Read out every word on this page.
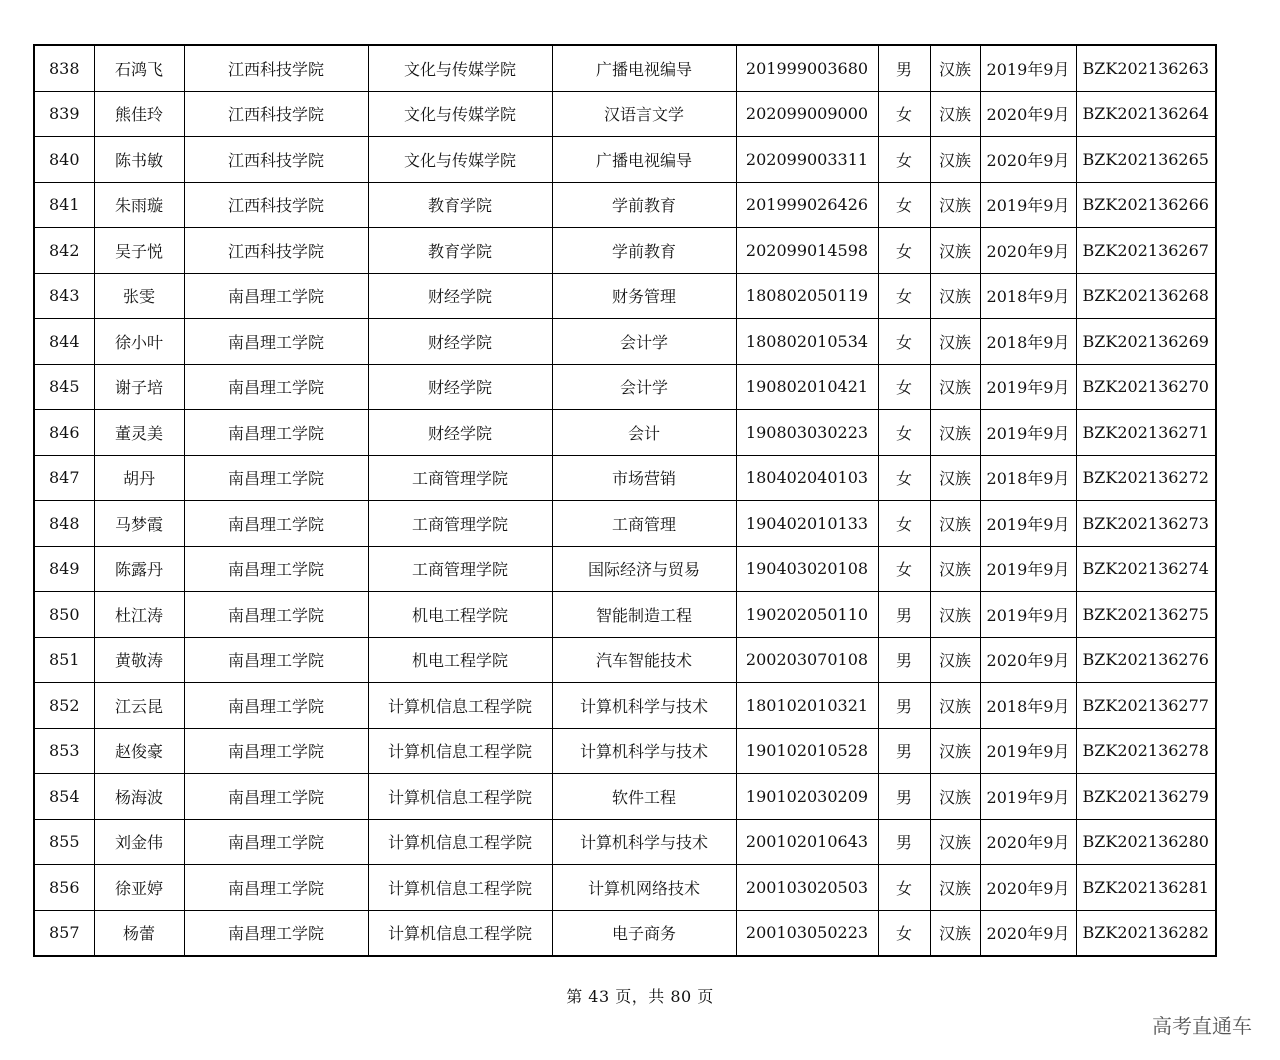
838	石鸿飞	江西科技学院	文化与传媒学院	广播电视编导	201999003680	男	汉族	2019年9月	BZK202136263
839	熊佳玲	江西科技学院	文化与传媒学院	汉语言文学	202099009000	女	汉族	2020年9月	BZK202136264
840	陈书敏	江西科技学院	文化与传媒学院	广播电视编导	202099003311	女	汉族	2020年9月	BZK202136265
841	朱雨璇	江西科技学院	教育学院	学前教育	201999026426	女	汉族	2019年9月	BZK202136266
842	吴子悦	江西科技学院	教育学院	学前教育	202099014598	女	汉族	2020年9月	BZK202136267
843	张雯	南昌理工学院	财经学院	财务管理	180802050119	女	汉族	2018年9月	BZK202136268
844	徐小叶	南昌理工学院	财经学院	会计学	180802010534	女	汉族	2018年9月	BZK202136269
845	谢子培	南昌理工学院	财经学院	会计学	190802010421	女	汉族	2019年9月	BZK202136270
846	董灵美	南昌理工学院	财经学院	会计	190803030223	女	汉族	2019年9月	BZK202136271
847	胡丹	南昌理工学院	工商管理学院	市场营销	180402040103	女	汉族	2018年9月	BZK202136272
848	马梦霞	南昌理工学院	工商管理学院	工商管理	190402010133	女	汉族	2019年9月	BZK202136273
849	陈露丹	南昌理工学院	工商管理学院	国际经济与贸易	190403020108	女	汉族	2019年9月	BZK202136274
850	杜江涛	南昌理工学院	机电工程学院	智能制造工程	190202050110	男	汉族	2019年9月	BZK202136275
851	黄敬涛	南昌理工学院	机电工程学院	汽车智能技术	200203070108	男	汉族	2020年9月	BZK202136276
852	江云昆	南昌理工学院	计算机信息工程学院	计算机科学与技术	180102010321	男	汉族	2018年9月	BZK202136277
853	赵俊豪	南昌理工学院	计算机信息工程学院	计算机科学与技术	190102010528	男	汉族	2019年9月	BZK202136278
854	杨海波	南昌理工学院	计算机信息工程学院	软件工程	190102030209	男	汉族	2019年9月	BZK202136279
855	刘金伟	南昌理工学院	计算机信息工程学院	计算机科学与技术	200102010643	男	汉族	2020年9月	BZK202136280
856	徐亚婷	南昌理工学院	计算机信息工程学院	计算机网络技术	200103020503	女	汉族	2020年9月	BZK202136281
857	杨蕾	南昌理工学院	计算机信息工程学院	电子商务	200103050223	女	汉族	2020年9月	BZK202136282
第 43 页，共 80 页
高考直通车
